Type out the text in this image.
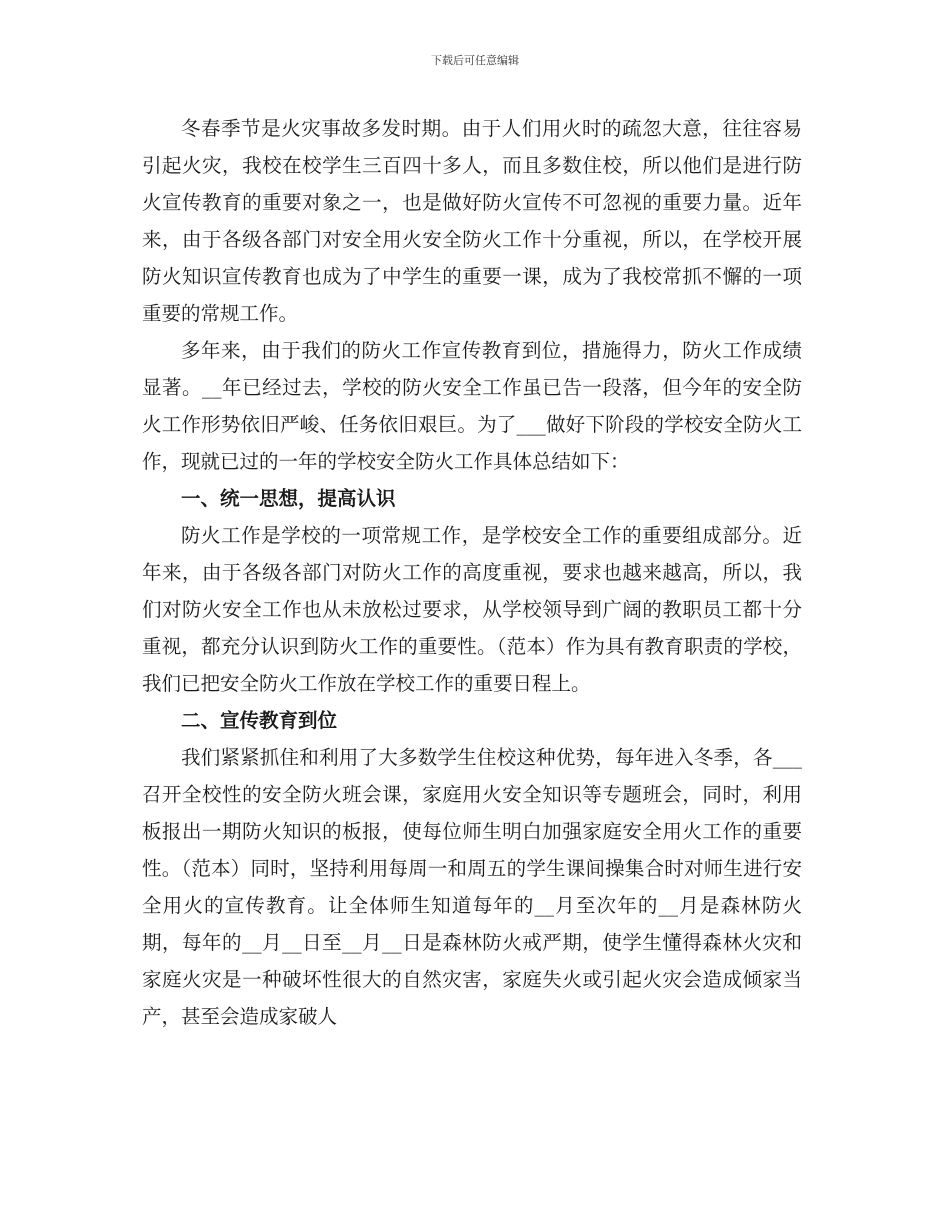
下载后可任意编辑

冬春季节是火灾事故多发时期。由于人们用火时的疏忽大意，往往容易引起火灾，我校在校学生三百四十多人，而且多数住校，所以他们是进行防火宣传教育的重要对象之一，也是做好防火宣传不可忽视的重要力量。近年来，由于各级各部门对安全用火安全防火工作十分重视，所以，在学校开展防火知识宣传教育也成为了中学生的重要一课，成为了我校常抓不懈的一项重要的常规工作。

多年来，由于我们的防火工作宣传教育到位，措施得力，防火工作成绩显著。__年已经过去，学校的防火安全工作虽已告一段落，但今年的安全防火工作形势依旧严峻、任务依旧艰巨。为了___做好下阶段的学校安全防火工作，现就已过的一年的学校安全防火工作具体总结如下：

一、统一思想，提高认识

防火工作是学校的一项常规工作，是学校安全工作的重要组成部分。近年来，由于各级各部门对防火工作的高度重视，要求也越来越高，所以，我们对防火安全工作也从未放松过要求，从学校领导到广阔的教职员工都十分重视，都充分认识到防火工作的重要性。（范本）作为具有教育职责的学校，我们已把安全防火工作放在学校工作的重要日程上。

二、宣传教育到位

我们紧紧抓住和利用了大多数学生住校这种优势，每年进入冬季，各___召开全校性的安全防火班会课，家庭用火安全知识等专题班会，同时，利用板报出一期防火知识的板报，使每位师生明白加强家庭安全用火工作的重要性。（范本）同时，坚持利用每周一和周五的学生课间操集合时对师生进行安全用火的宣传教育。让全体师生知道每年的__月至次年的__月是森林防火期，每年的__月__日至__月__日是森林防火戒严期，使学生懂得森林火灾和家庭火灾是一种破坏性很大的自然灾害，家庭失火或引起火灾会造成倾家当产，甚至会造成家破人
